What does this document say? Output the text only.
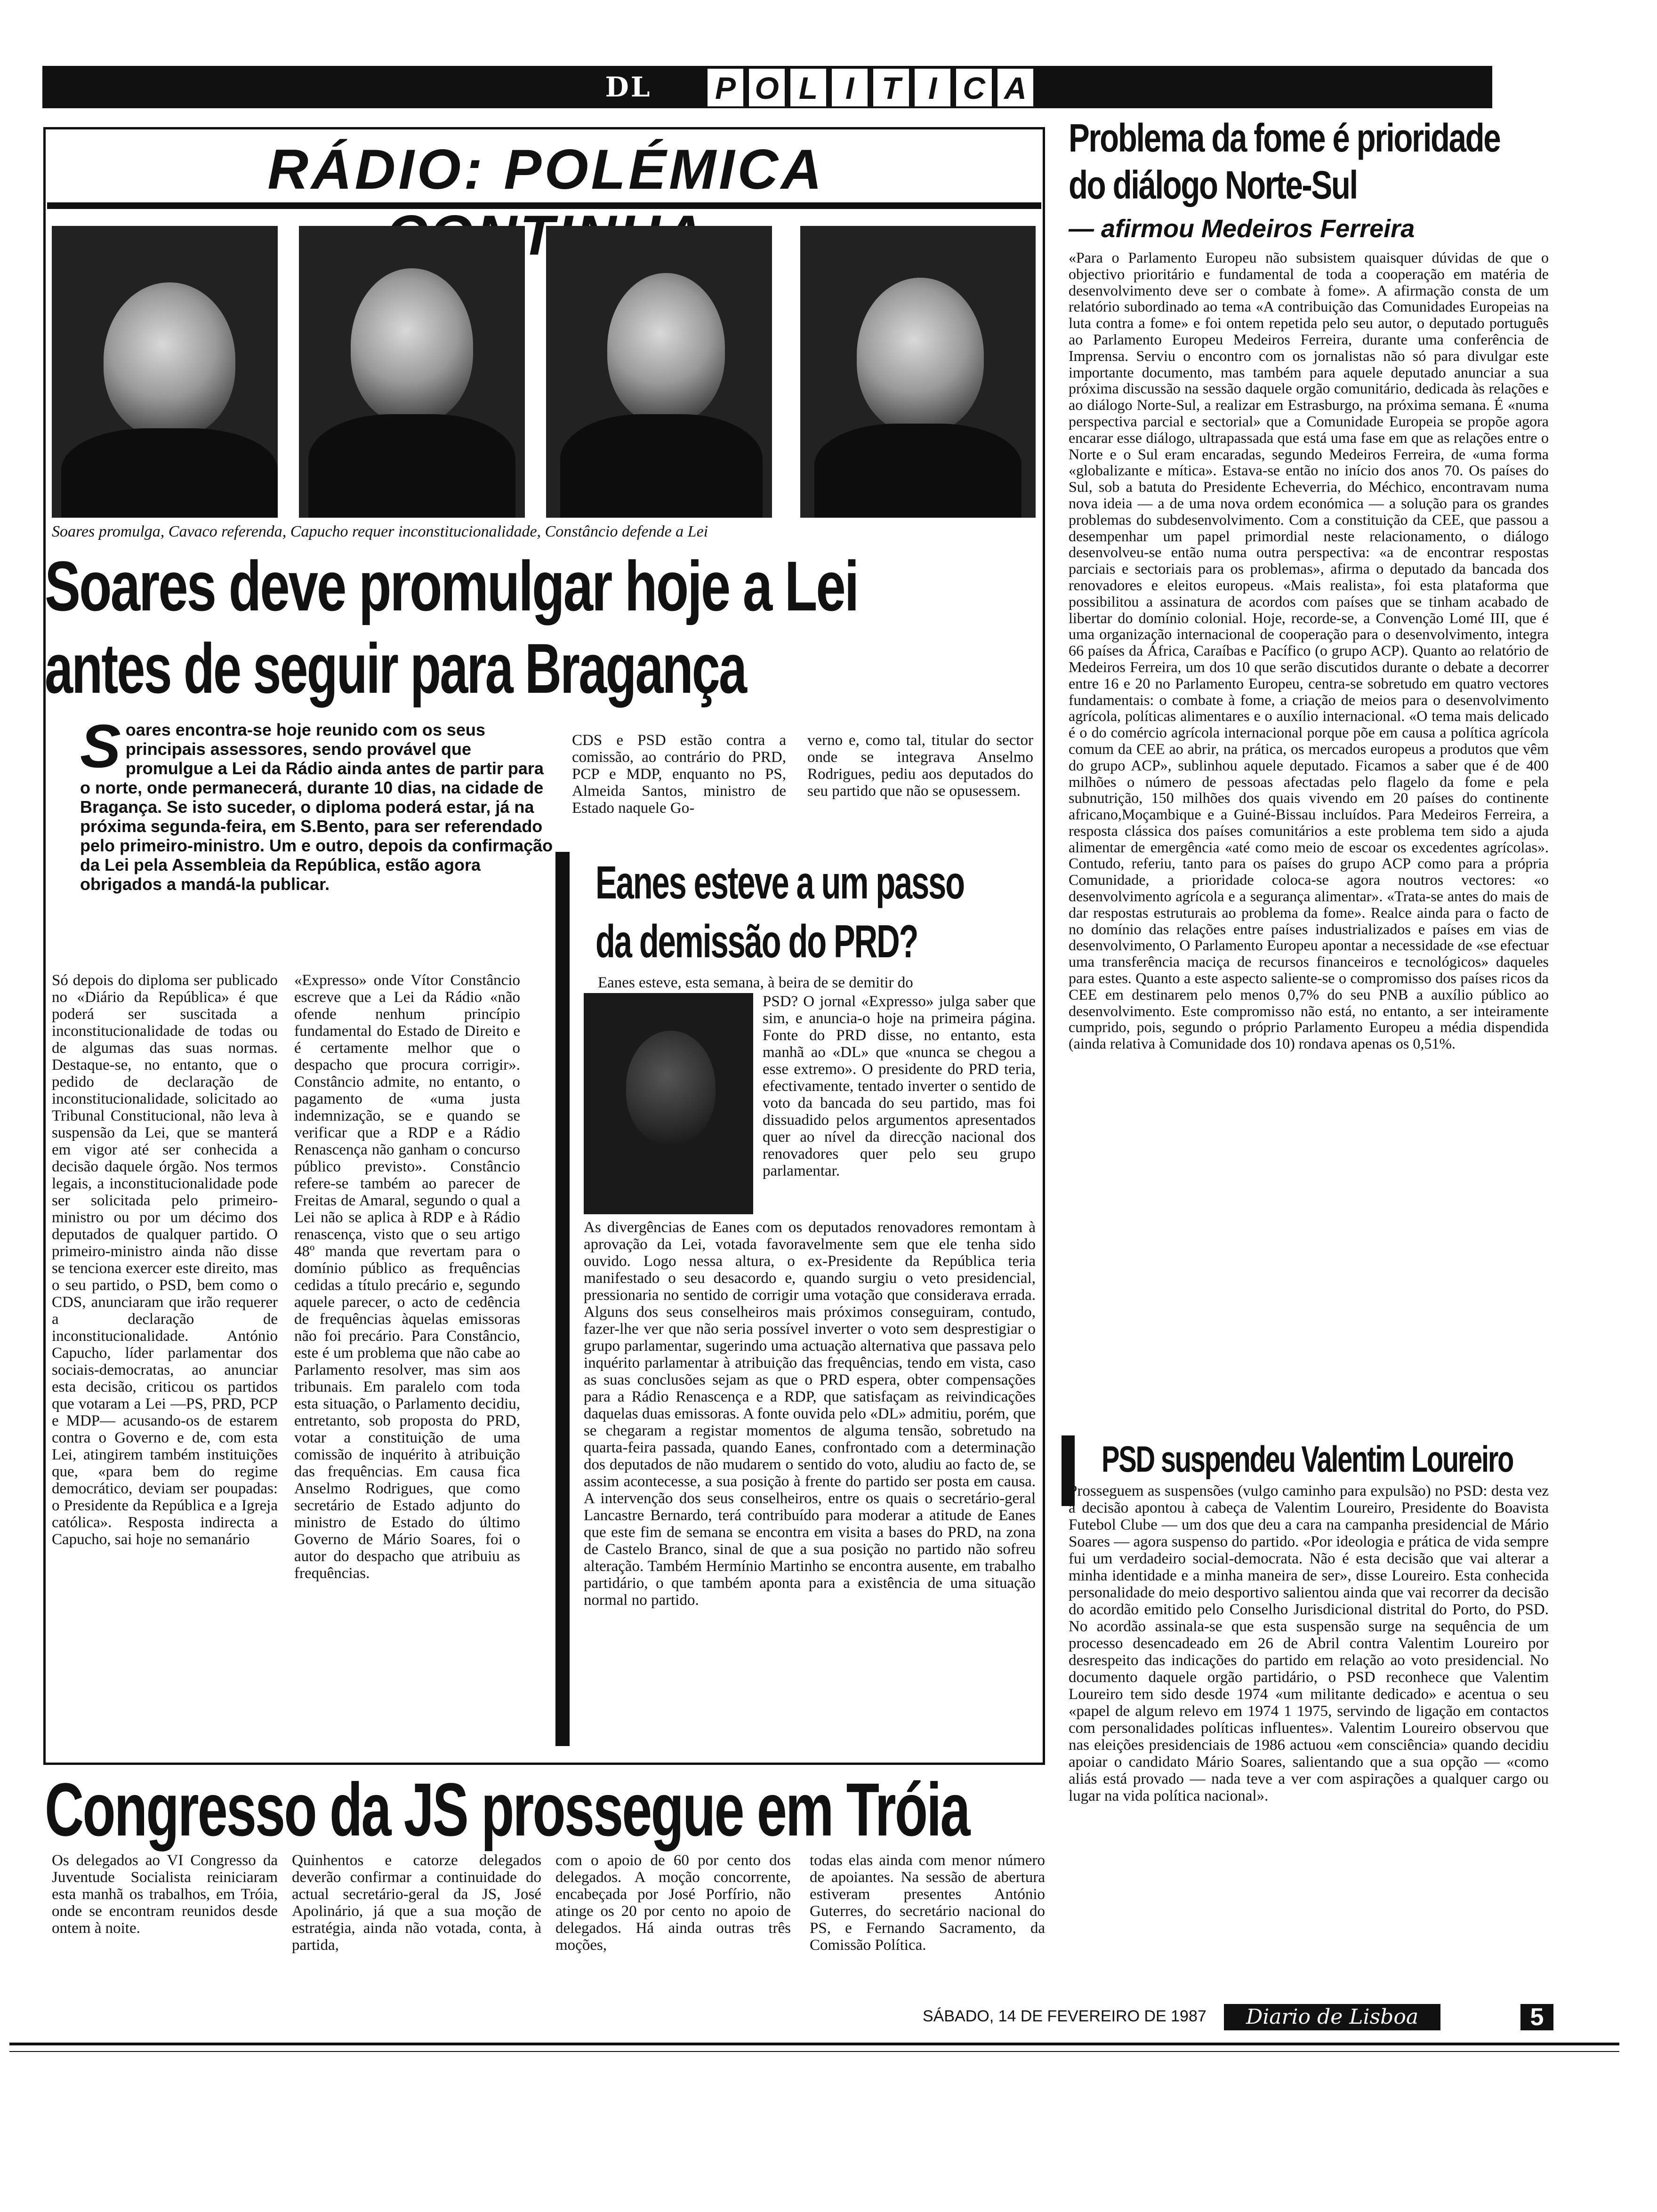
DL	P O L I T I C A
RÁDIO: POLÉMICA
Soares promulga, Cavaco referenda, Capucho requer inconstitucionalidade, Constâncio defende a Lei
Soares deve promulgar hoje a Lei
antes de seguir para Bragança
S oares encontra-se hoje reunido com os seus principais assessores, sendo provável que promulgue a Lei da Rádio ainda antes de partir para o norte, onde permanecerá, durante 10 dias, na cidade de Bragança. Se isto suceder, o diploma poderá estar, já na próxima segunda-feira, em S.Bento, para ser referendado pelo primeiro-ministro. Um e outro, depois da confirmação da Lei pela Assembleia da República, estão agora obrigados a mandá-la publicar.
Só depois do diploma ser publicado no «Diário da República» é que poderá ser suscitada a inconstitucionalidade de todas ou de algumas das suas normas. Destaque-se, no entanto, que o pedido de declaração de inconstitucionalidade, solicitado ao Tribunal Constitucional, não leva à suspensão da Lei, que se manterá em vigor até ser conhecida a decisão daquele órgão. Nos termos legais, a inconstitucionalidade pode ser solicitada pelo primeiro-ministro ou por um décimo dos deputados de qualquer partido. O primeiro-ministro ainda não disse se tenciona exercer este direito, mas o seu partido, o PSD, bem como o CDS, anunciaram que irão requerer a declaração de inconstitucionalidade. António Capucho, líder parlamentar dos sociais-democratas, ao anunciar esta decisão, criticou os partidos que votaram a Lei —PS, PRD, PCP e MDP— acusando-os de estarem contra o Governo e de, com esta Lei, atingirem também instituições que, «para bem do regime democrático, deviam ser poupadas: o Presidente da República e a Igreja católica». Resposta indirecta a Capucho, sai hoje no semanário
«Expresso» onde Vítor Constâncio escreve que a Lei da Rádio «não ofende nenhum princípio fundamental do Estado de Direito e é certamente melhor que o despacho que procura corrigir». Constâncio admite, no entanto, o pagamento de «uma justa indemnização, se e quando se verificar que a RDP e a Rádio Renascença não ganham o concurso público previsto». Constâncio refere-se também ao parecer de Freitas de Amaral, segundo o qual a Lei não se aplica à RDP e à Rádio renascença, visto que o seu artigo 48º manda que revertam para o domínio público as frequências cedidas a título precário e, segundo aquele parecer, o acto de cedência de frequências àquelas emissoras não foi precário. Para Constâncio, este é um problema que não cabe ao Parlamento resolver, mas sim aos tribunais. Em paralelo com toda esta situação, o Parlamento decidiu, entretanto, sob proposta do PRD, votar a constituição de uma comissão de inquérito à atribuição das frequências. Em causa fica Anselmo Rodrigues, que como secretário de Estado adjunto do ministro de Estado do último Governo de Mário Soares, foi o autor do despacho que atribuiu as frequências.
CDS e PSD estão contra a comissão, ao contrário do PRD, PCP e MDP, enquanto no PS, Almeida Santos, ministro de Estado naquele Go-
verno e, como tal, titular do sector onde se integrava Anselmo Rodrigues, pediu aos deputados do seu partido que não se opusessem.
Eanes esteve a um passo
da demissão do PRD?
Eanes esteve, esta semana, à beira de se demitir do
PSD? O jornal «Expresso» julga saber que sim, e anuncia-o hoje na primeira página. Fonte do PRD disse, no entanto, esta manhã ao «DL» que «nunca se chegou a esse extremo». O presidente do PRD teria, efectivamente, tentado inverter o sentido de voto da bancada do seu partido, mas foi dissuadido pelos argumentos apresentados quer ao nível da direcção nacional dos renovadores quer pelo seu grupo parlamentar.
As divergências de Eanes com os deputados renovadores remontam à aprovação da Lei, votada favoravelmente sem que ele tenha sido ouvido. Logo nessa altura, o ex-Presidente da República teria manifestado o seu desacordo e, quando surgiu o veto presidencial, pressionaria no sentido de corrigir uma votação que considerava errada. Alguns dos seus conselheiros mais próximos conseguiram, contudo, fazer-lhe ver que não seria possível inverter o voto sem desprestigiar o grupo parlamentar, sugerindo uma actuação alternativa que passava pelo inquérito parlamentar à atribuição das frequências, tendo em vista, caso as suas conclusões sejam as que o PRD espera, obter compensações para a Rádio Renascença e a RDP, que satisfaçam as reivindicações daquelas duas emissoras. A fonte ouvida pelo «DL» admitiu, porém, que se chegaram a registar momentos de alguma tensão, sobretudo na quarta-feira passada, quando Eanes, confrontado com a determinação dos deputados de não mudarem o sentido do voto, aludiu ao facto de, se assim acontecesse, a sua posição à frente do partido ser posta em causa. A intervenção dos seus conselheiros, entre os quais o secretário-geral Lancastre Bernardo, terá contribuído para moderar a atitude de Eanes que este fim de semana se encontra em visita a bases do PRD, na zona de Castelo Branco, sinal de que a sua posição no partido não sofreu alteração. Também Hermínio Martinho se encontra ausente, em trabalho partidário, o que também aponta para a existência de uma situação normal no partido.
Congresso da JS prossegue em Tróia
Os delegados ao VI Congresso da Juventude Socialista reiniciaram esta manhã os trabalhos, em Tróia, onde se encontram reunidos desde ontem à noite.
Quinhentos e catorze delegados deverão confirmar a continuidade do actual secretário-geral da JS, José Apolinário, já que a sua moção de estratégia, ainda não votada, conta, à partida,
com o apoio de 60 por cento dos delegados. A moção concorrente, encabeçada por José Porfírio, não atinge os 20 por cento no apoio de delegados. Há ainda outras três moções,
todas elas ainda com menor número de apoiantes. Na sessão de abertura estiveram presentes António Guterres, do secretário nacional do PS, e Fernando Sacramento, da Comissão Política.
Problema da fome é prioridade
do diálogo Norte-Sul
— afirmou Medeiros Ferreira
«Para o Parlamento Europeu não subsistem quaisquer dúvidas de que o objectivo prioritário e fundamental de toda a cooperação em matéria de desenvolvimento deve ser o combate à fome». A afirmação consta de um relatório subordinado ao tema «A contribuição das Comunidades Europeias na luta contra a fome» e foi ontem repetida pelo seu autor, o deputado português ao Parlamento Europeu Medeiros Ferreira, durante uma conferência de Imprensa. Serviu o encontro com os jornalistas não só para divulgar este importante documento, mas também para aquele deputado anunciar a sua próxima discussão na sessão daquele orgão comunitário, dedicada às relações e ao diálogo Norte-Sul, a realizar em Estrasburgo, na próxima semana. É «numa perspectiva parcial e sectorial» que a Comunidade Europeia se propõe agora encarar esse diálogo, ultrapassada que está uma fase em que as relações entre o Norte e o Sul eram encaradas, segundo Medeiros Ferreira, de «uma forma «globalizante e mítica». Estava-se então no início dos anos 70. Os países do Sul, sob a batuta do Presidente Echeverria, do Méchico, encontravam numa nova ideia — a de uma nova ordem económica — a solução para os grandes problemas do subdesenvolvimento. Com a constituição da CEE, que passou a desempenhar um papel primordial neste relacionamento, o diálogo desenvolveu-se então numa outra perspectiva: «a de encontrar respostas parciais e sectoriais para os problemas», afirma o deputado da bancada dos renovadores e eleitos europeus. «Mais realista», foi esta plataforma que possibilitou a assinatura de acordos com países que se tinham acabado de libertar do domínio colonial. Hoje, recorde-se, a Convenção Lomé III, que é uma organização internacional de cooperação para o desenvolvimento, integra 66 países da África, Caraíbas e Pacífico (o grupo ACP). Quanto ao relatório de Medeiros Ferreira, um dos 10 que serão discutidos durante o debate a decorrer entre 16 e 20 no Parlamento Europeu, centra-se sobretudo em quatro vectores fundamentais: o combate à fome, a criação de meios para o desenvolvimento agrícola, políticas alimentares e o auxílio internacional. «O tema mais delicado é o do comércio agrícola internacional porque põe em causa a política agrícola comum da CEE ao abrir, na prática, os mercados europeus a produtos que vêm do grupo ACP», sublinhou aquele deputado. Ficamos a saber que é de 400 milhões o número de pessoas afectadas pelo flagelo da fome e pela subnutrição, 150 milhões dos quais vivendo em 20 países do continente africano,Moçambique e a Guiné-Bissau incluídos. Para Medeiros Ferreira, a resposta clássica dos países comunitários a este problema tem sido a ajuda alimentar de emergência «até como meio de escoar os excedentes agrícolas». Contudo, referiu, tanto para os países do grupo ACP como para a própria Comunidade, a prioridade coloca-se agora noutros vectores: «o desenvolvimento agrícola e a segurança alimentar». «Trata-se antes do mais de dar respostas estruturais ao problema da fome». Realce ainda para o facto de no domínio das relações entre países industrializados e países em vias de desenvolvimento, O Parlamento Europeu apontar a necessidade de «se efectuar uma transferência maciça de recursos financeiros e tecnológicos» daqueles para estes. Quanto a este aspecto saliente-se o compromisso dos países ricos da CEE em destinarem pelo menos 0,7% do seu PNB a auxílio público ao desenvolvimento. Este compromisso não está, no entanto, a ser inteiramente cumprido, pois, segundo o próprio Parlamento Europeu a média dispendida (ainda relativa à Comunidade dos 10) rondava apenas os 0,51%.
PSD suspendeu Valentim Loureiro
Prosseguem as suspensões (vulgo caminho para expulsão) no PSD: desta vez a decisão apontou à cabeça de Valentim Loureiro, Presidente do Boavista Futebol Clube — um dos que deu a cara na campanha presidencial de Mário Soares — agora suspenso do partido. «Por ideologia e prática de vida sempre fui um verdadeiro social-democrata. Não é esta decisão que vai alterar a minha identidade e a minha maneira de ser», disse Loureiro. Esta conhecida personalidade do meio desportivo salientou ainda que vai recorrer da decisão do acordão emitido pelo Conselho Jurisdicional distrital do Porto, do PSD. No acordão assinala-se que esta suspensão surge na sequência de um processo desencadeado em 26 de Abril contra Valentim Loureiro por desrespeito das indicações do partido em relação ao voto presidencial. No documento daquele orgão partidário, o PSD reconhece que Valentim Loureiro tem sido desde 1974 «um militante dedicado» e acentua o seu «papel de algum relevo em 1974 1 1975, servindo de ligação em contactos com personalidades políticas influentes». Valentim Loureiro observou que nas eleições presidenciais de 1986 actuou «em consciência» quando decidiu apoiar o candidato Mário Soares, salientando que a sua opção — «como aliás está provado — nada teve a ver com aspirações a qualquer cargo ou lugar na vida política nacional».
SÁBADO, 14 DE FEVEREIRO DE 1987	Diario de Lisboa	5
